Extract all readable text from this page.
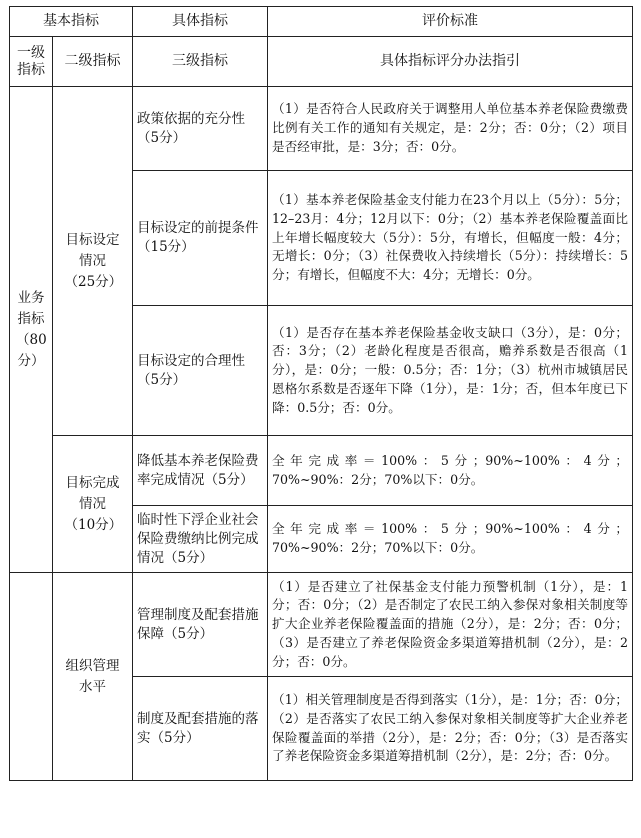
基本指标		具体指标	评价标准

一级指标	二级指标	三级指标	具体指标评分办法指引

业务指标（80分）	目标设定情况（25分）	政策依据的充分性（5分）	（1）是否符合人民政府关于调整用人单位基本养老保险费缴费比例有关工作的通知有关规定，是：2分；否：0分；（2）项目是否经审批，是：3分；否：0分。
		目标设定的前提条件（15分）	（1）基本养老保险基金支付能力在23个月以上（5分）：5分；12–23月：4分；12月以下：0分；（2）基本养老保险覆盖面比上年增长幅度较大（5分）：5分，有增长，但幅度一般：4分；无增长：0分；（3）社保费收入持续增长（5分）：持续增长：5分；有增长，但幅度不大：4分；无增长：0分。
		目标设定的合理性（5分）	（1）是否存在基本养老保险基金收支缺口（3分），是：0分；否：3分；（2）老龄化程度是否很高，赡养系数是否很高（1分），是：0分；一般：0.5分；否：1分；（3）杭州市城镇居民恩格尔系数是否逐年下降（1分），是：1分；否，但本年度已下降：0.5分；否：0分。

	目标完成情况（10分）	降低基本养老保险费率完成情况（5分）	全年完成率＝100%：5分；90%~100%：4分；70%~90%：2分；70%以下：0分。
		临时性下浮企业社会保险费缴纳比例完成情况（5分）	全年完成率＝100%：5分；90%~100%：4分；70%~90%：2分；70%以下：0分。

	组织管理水平	管理制度及配套措施保障（5分）	（1）是否建立了社保基金支付能力预警机制（1分），是：1分；否：0分；（2）是否制定了农民工纳入参保对象相关制度等扩大企业养老保险覆盖面的措施（2分），是：2分；否：0分；（3）是否建立了养老保险资金多渠道筹措机制（2分），是：2分；否：0分。
		制度及配套措施的落实（5分）	（1）相关管理制度是否得到落实（1分），是：1分；否：0分；（2）是否落实了农民工纳入参保对象相关制度等扩大企业养老保险覆盖面的举措（2分），是：2分；否：0分；（3）是否落实了养老保险资金多渠道筹措机制（2分），是：2分；否：0分。
